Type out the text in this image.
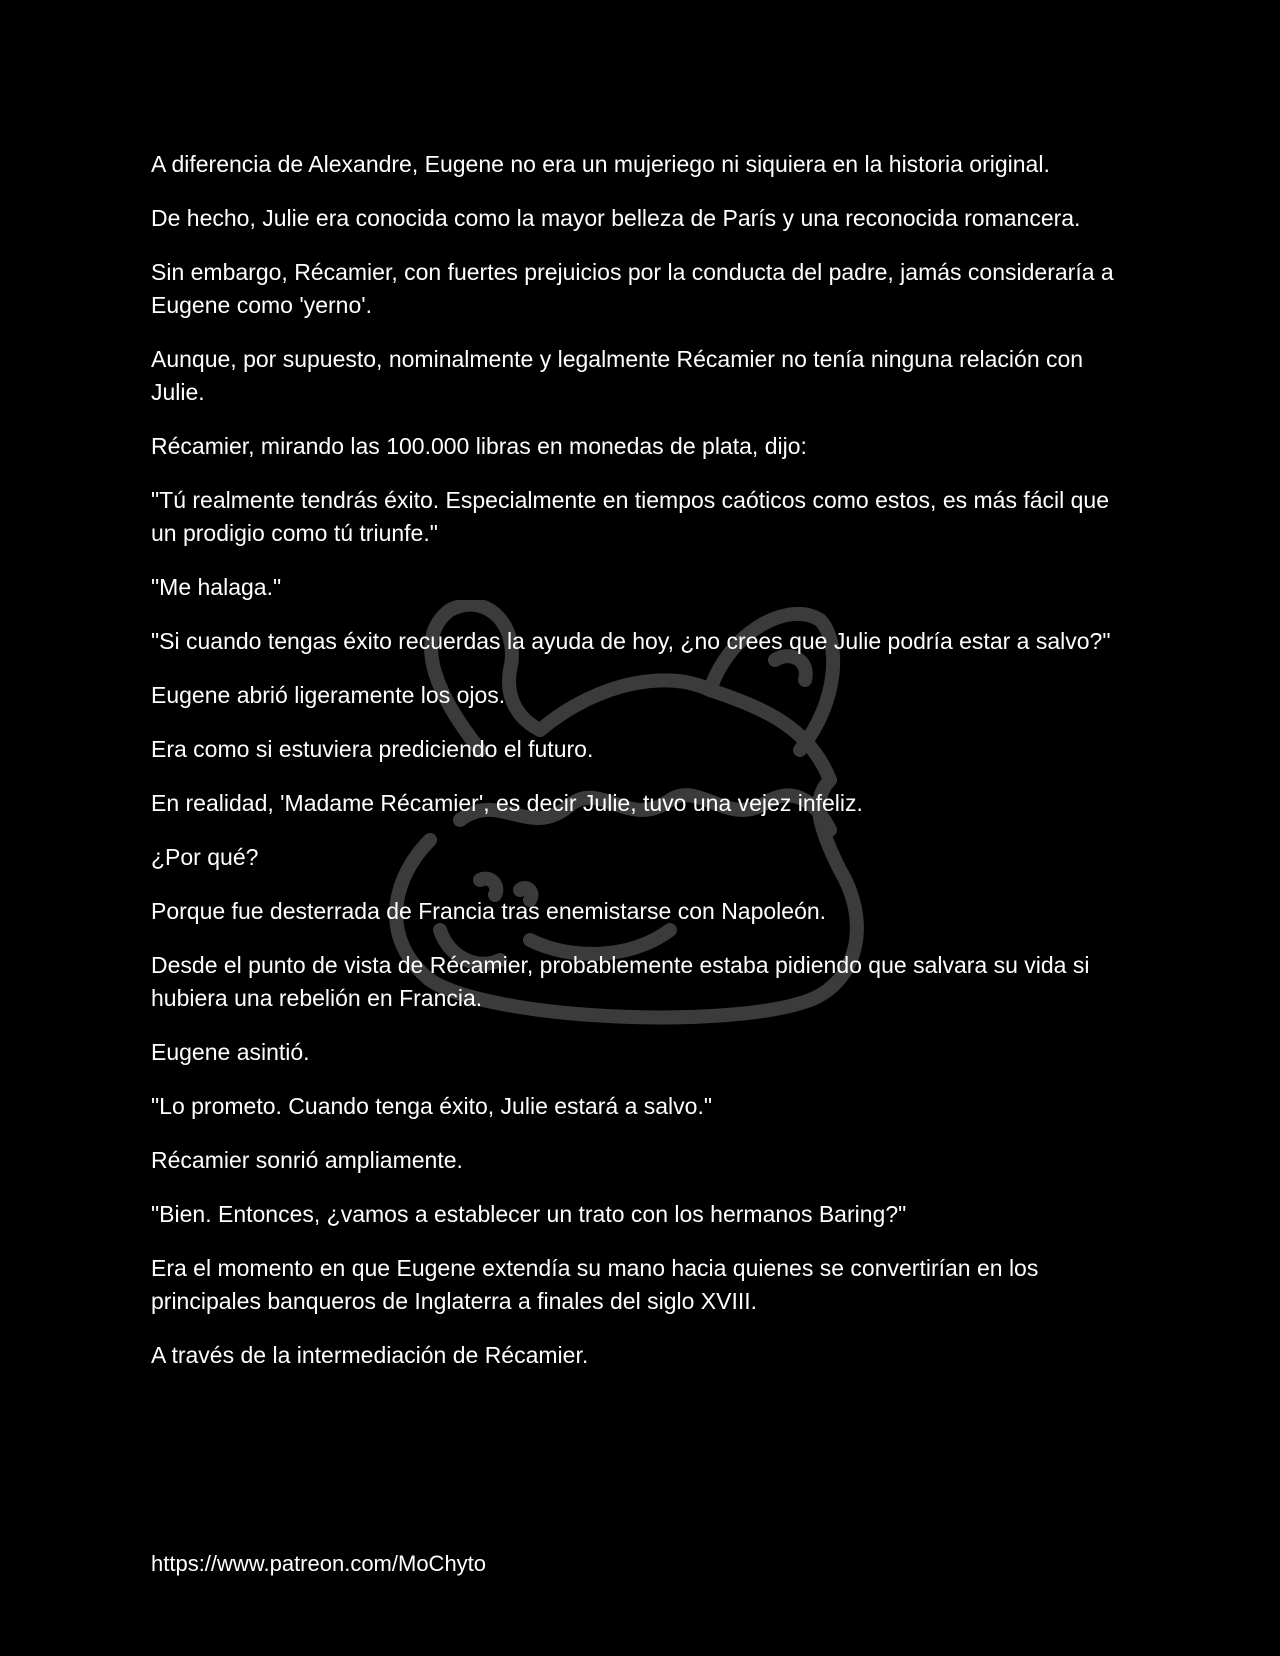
A diferencia de Alexandre, Eugene no era un mujeriego ni siquiera en la historia original.

De hecho, Julie era conocida como la mayor belleza de París y una reconocida romancera.

Sin embargo, Récamier, con fuertes prejuicios por la conducta del padre, jamás consideraría a Eugene como 'yerno'.

Aunque, por supuesto, nominalmente y legalmente Récamier no tenía ninguna relación con Julie.

Récamier, mirando las 100.000 libras en monedas de plata, dijo:

"Tú realmente tendrás éxito. Especialmente en tiempos caóticos como estos, es más fácil que un prodigio como tú triunfe."

"Me halaga."

"Si cuando tengas éxito recuerdas la ayuda de hoy, ¿no crees que Julie podría estar a salvo?"

Eugene abrió ligeramente los ojos.

Era como si estuviera prediciendo el futuro.

En realidad, 'Madame Récamier', es decir Julie, tuvo una vejez infeliz.

¿Por qué?

Porque fue desterrada de Francia tras enemistarse con Napoleón.

Desde el punto de vista de Récamier, probablemente estaba pidiendo que salvara su vida si hubiera una rebelión en Francia.

Eugene asintió.

"Lo prometo. Cuando tenga éxito, Julie estará a salvo."

Récamier sonrió ampliamente.

"Bien. Entonces, ¿vamos a establecer un trato con los hermanos Baring?"

Era el momento en que Eugene extendía su mano hacia quienes se convertirían en los principales banqueros de Inglaterra a finales del siglo XVIII.

A través de la intermediación de Récamier.

https://www.patreon.com/MoChyto
